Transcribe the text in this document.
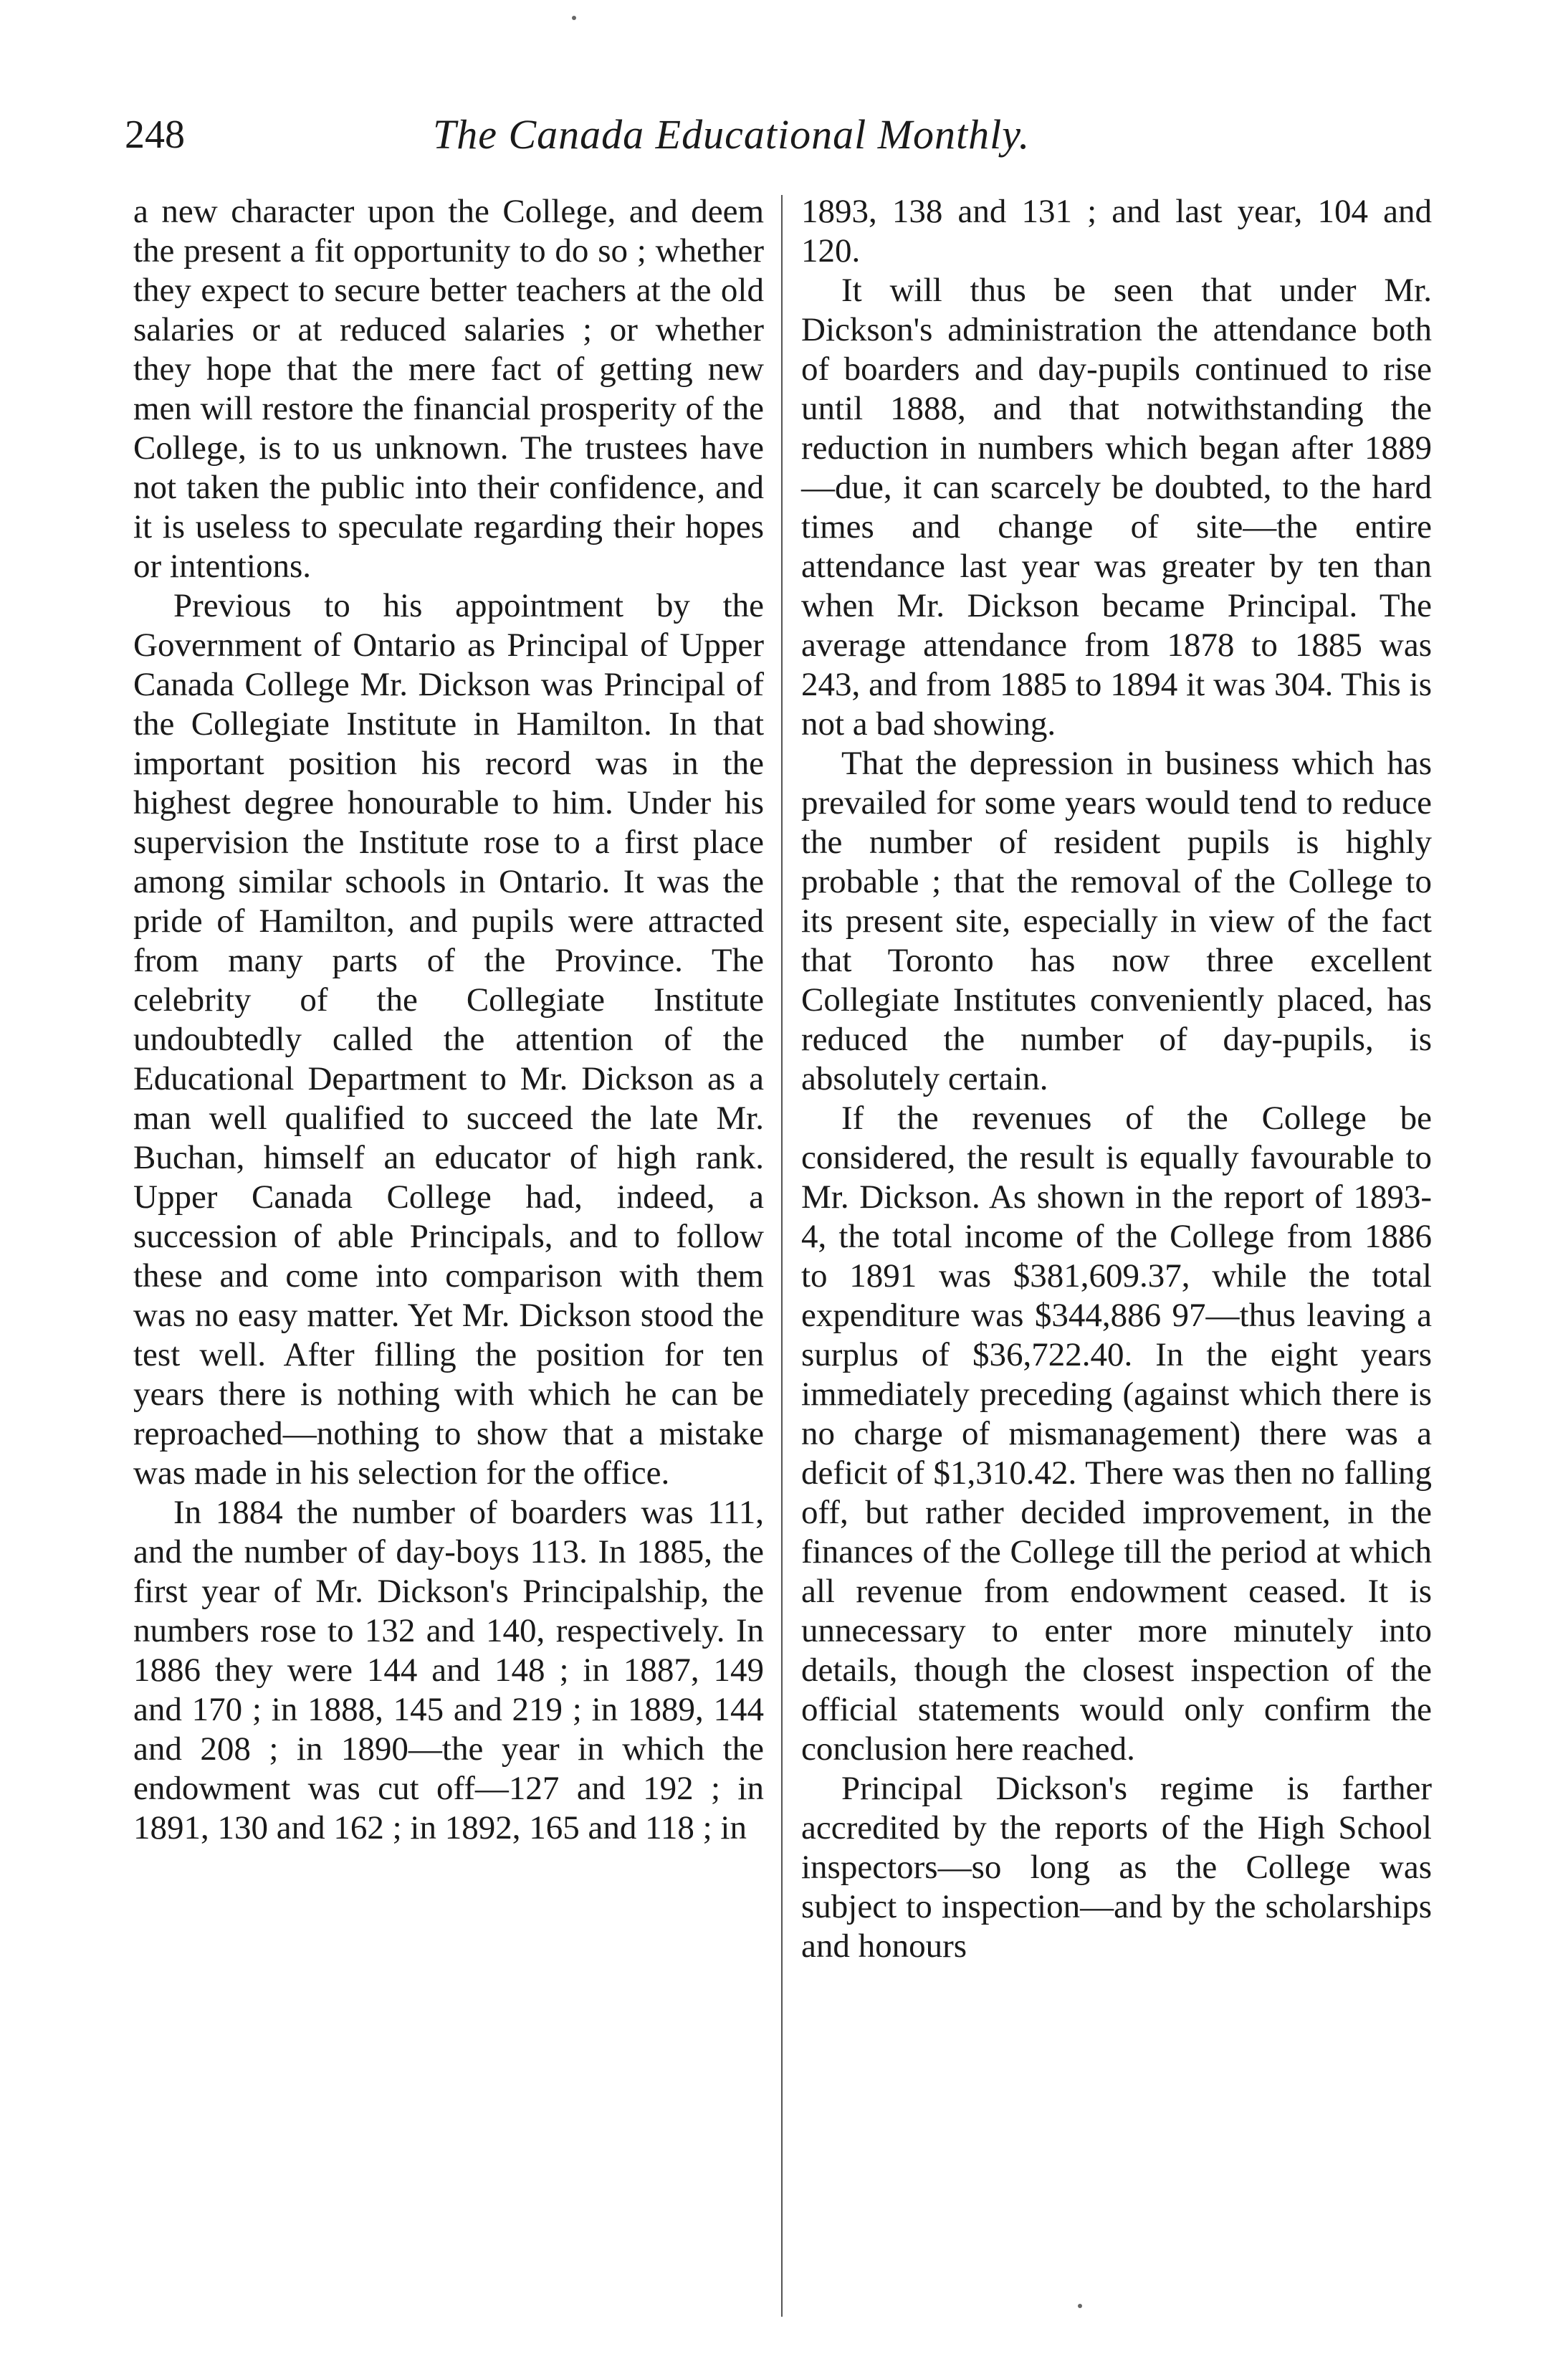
248	The Canada Educational Monthly.

a new character upon the College, and deem the present a fit opportunity to do so ; whether they expect to secure better teachers at the old salaries or at reduced salaries ; or whether they hope that the mere fact of getting new men will restore the financial prosperity of the College, is to us unknown. The trustees have not taken the public into their confidence, and it is useless to speculate regarding their hopes or intentions.

Previous to his appointment by the Government of Ontario as Principal of Upper Canada College Mr. Dickson was Principal of the Collegiate Institute in Hamilton. In that important position his record was in the highest degree honourable to him. Under his supervision the Institute rose to a first place among similar schools in Ontario. It was the pride of Hamilton, and pupils were attracted from many parts of the Province. The celebrity of the Collegiate Institute undoubtedly called the attention of the Educational Department to Mr. Dickson as a man well qualified to succeed the late Mr. Buchan, himself an educator of high rank. Upper Canada College had, indeed, a succession of able Principals, and to follow these and come into comparison with them was no easy matter. Yet Mr. Dickson stood the test well. After filling the position for ten years there is nothing with which he can be reproached—nothing to show that a mistake was made in his selection for the office.

In 1884 the number of boarders was 111, and the number of day-boys 113. In 1885, the first year of Mr. Dickson's Principalship, the numbers rose to 132 and 140, respectively. In 1886 they were 144 and 148 ; in 1887, 149 and 170 ; in 1888, 145 and 219 ; in 1889, 144 and 208 ; in 1890—the year in which the endowment was cut off—127 and 192 ; in 1891, 130 and 162 ; in 1892, 165 and 118 ; in

1893, 138 and 131 ; and last year, 104 and 120.

It will thus be seen that under Mr. Dickson's administration the attendance both of boarders and day-pupils continued to rise until 1888, and that notwithstanding the reduction in numbers which began after 1889—due, it can scarcely be doubted, to the hard times and change of site—the entire attendance last year was greater by ten than when Mr. Dickson became Principal. The average attendance from 1878 to 1885 was 243, and from 1885 to 1894 it was 304. This is not a bad showing.

That the depression in business which has prevailed for some years would tend to reduce the number of resident pupils is highly probable ; that the removal of the College to its present site, especially in view of the fact that Toronto has now three excellent Collegiate Institutes conveniently placed, has reduced the number of day-pupils, is absolutely certain.

If the revenues of the College be considered, the result is equally favourable to Mr. Dickson. As shown in the report of 1893-4, the total income of the College from 1886 to 1891 was $381,609.37, while the total expenditure was $344,886 97—thus leaving a surplus of $36,722.40. In the eight years immediately preceding (against which there is no charge of mismanagement) there was a deficit of $1,310.42. There was then no falling off, but rather decided improvement, in the finances of the College till the period at which all revenue from endowment ceased. It is unnecessary to enter more minutely into details, though the closest inspection of the official statements would only confirm the conclusion here reached.

Principal Dickson's regime is farther accredited by the reports of the High School inspectors—so long as the College was subject to inspection—and by the scholarships and honours
